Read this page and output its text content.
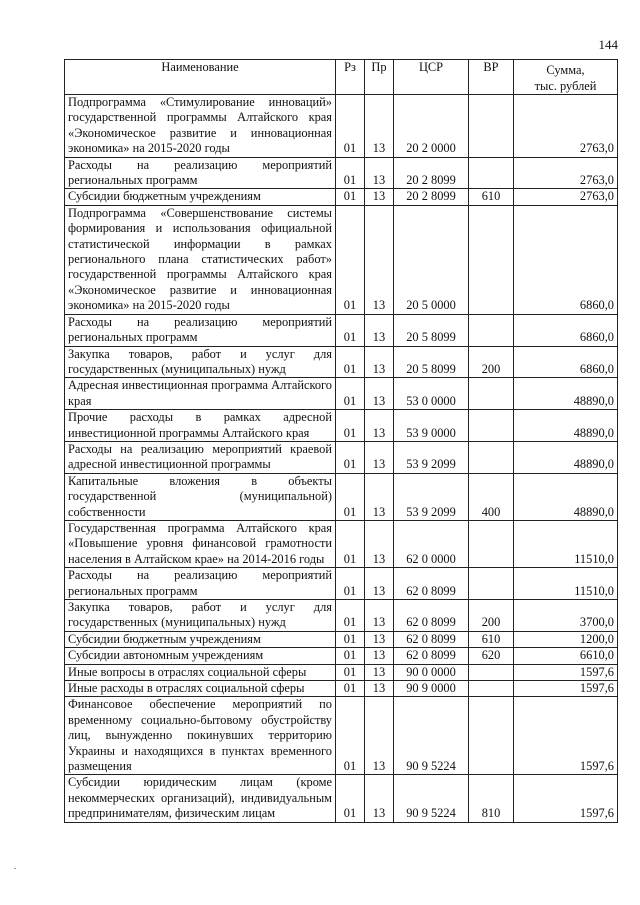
144
Наименование	Рз	Пр	ЦСР	ВР	Сумма,
тыс. рублей
Подпрограмма «Стимулирование инноваций» государственной программы Алтайского края «Экономическое развитие и инновационная экономика» на 2015-2020 годы	01	13	20 2 0000		2763,0
Расходы на реализацию мероприятий региональных программ	01	13	20 2 8099		2763,0
Субсидии бюджетным учреждениям	01	13	20 2 8099	610	2763,0
Подпрограмма «Совершенствование системы формирования и использования официальной статистической информации в рамках регионального плана статистических работ» государственной программы Алтайского края «Экономическое развитие и инновационная экономика» на 2015-2020 годы	01	13	20 5 0000		6860,0
Расходы на реализацию мероприятий региональных программ	01	13	20 5 8099		6860,0
Закупка товаров, работ и услуг для государственных (муниципальных) нужд	01	13	20 5 8099	200	6860,0
Адресная инвестиционная программа Алтайского края	01	13	53 0 0000		48890,0
Прочие расходы в рамках адресной инвестиционной программы Алтайского края	01	13	53 9 0000		48890,0
Расходы на реализацию мероприятий краевой адресной инвестиционной программы	01	13	53 9 2099		48890,0
Капитальные вложения в объекты государственной (муниципальной) собственности	01	13	53 9 2099	400	48890,0
Государственная программа Алтайского края «Повышение уровня финансовой грамотности населения в Алтайском крае» на 2014-2016 годы	01	13	62 0 0000		11510,0
Расходы на реализацию мероприятий региональных программ	01	13	62 0 8099		11510,0
Закупка товаров, работ и услуг для государственных (муниципальных) нужд	01	13	62 0 8099	200	3700,0
Субсидии бюджетным учреждениям	01	13	62 0 8099	610	1200,0
Субсидии автономным учреждениям	01	13	62 0 8099	620	6610,0
Иные вопросы в отраслях социальной сферы	01	13	90 0 0000		1597,6
Иные расходы в отраслях социальной сферы	01	13	90 9 0000		1597,6
Финансовое обеспечение мероприятий по временному социально-бытовому обустройству лиц, вынужденно покинувших территорию Украины и находящихся в пунктах временного размещения	01	13	90 9 5224		1597,6
Субсидии юридическим лицам (кроме некоммерческих организаций), индивидуальным предпринимателям, физическим лицам	01	13	90 9 5224	810	1597,6
